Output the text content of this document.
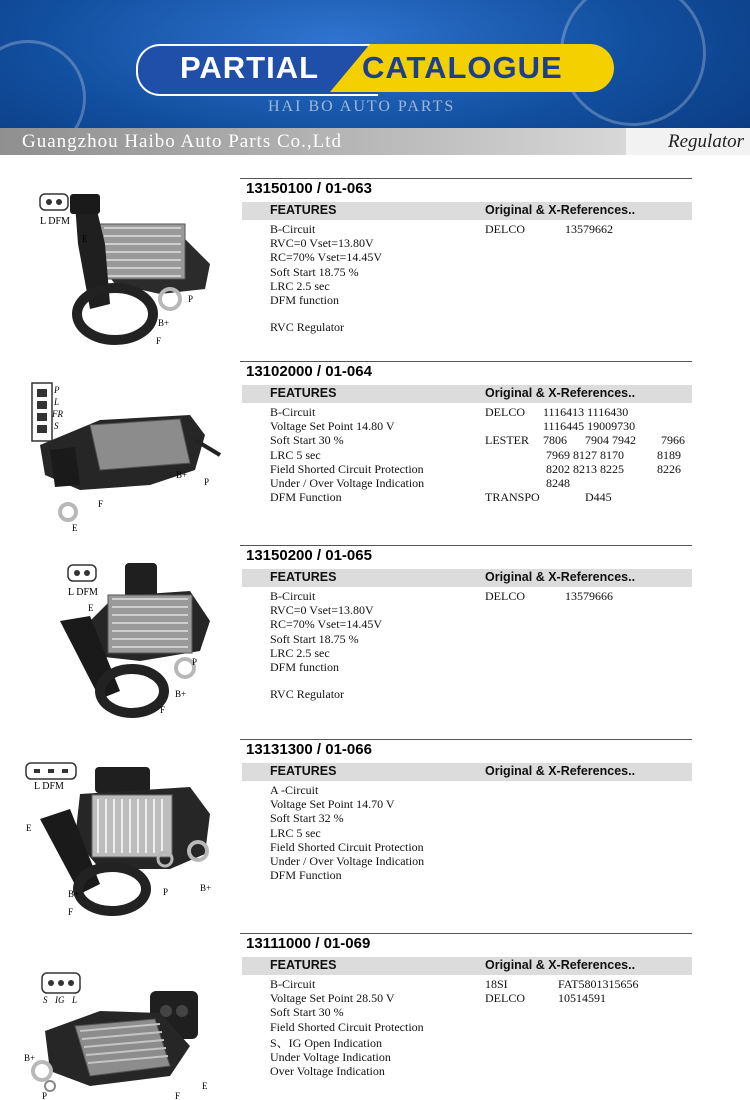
PARTIAL CATALOGUE
HAI BO AUTO PARTS
Guangzhou Haibo Auto Parts Co.,Ltd	Regulator
13150100 / 01-063
FEATURES	Original & X-References..
B-Circuit
RVC=0 Vset=13.80V
RC=70% Vset=14.45V
Soft Start 18.75 %
LRC 2.5 sec
DFM function
RVC Regulator
DELCO	13579662
L DFM
E
P
B+
F
13102000 / 01-064
FEATURES	Original & X-References..
B-Circuit
Voltage Set Point 14.80 V
Soft Start 30 %
LRC 5 sec
Field Shorted Circuit Protection
Under / Over Voltage Indication
DFM Function
DELCO 1116413 1116430
1116445 19009730
LESTER 7806 7904 7942 7966
7969 8127 8170	8189
8202 8213 8225	8226
8248
TRANSPO	D445
P
L
FR
S
B+
P
F
E
13150200 / 01-065
FEATURES	Original & X-References..
B-Circuit
RVC=0 Vset=13.80V
RC=70% Vset=14.45V
Soft Start 18.75 %
LRC 2.5 sec
DFM function
RVC Regulator
DELCO	13579666
L DFM
E
P
B+
F
13131300 / 01-066
FEATURES	Original & X-References..
A -Circuit
Voltage Set Point 14.70 V
Soft Start 32 %
LRC 5 sec
Field Shorted Circuit Protection
Under / Over Voltage Indication
DFM Function
L DFM
E
B+
F
P	B+
13111000 / 01-069
FEATURES	Original & X-References..
B-Circuit
Voltage Set Point 28.50 V
Soft Start 30 %
Field Shorted Circuit Protection
S、IG Open Indication
Under Voltage Indication
Over Voltage Indication
18SI	FAT5801315656
DELCO	10514591
S IG L
B+
P	F
E
